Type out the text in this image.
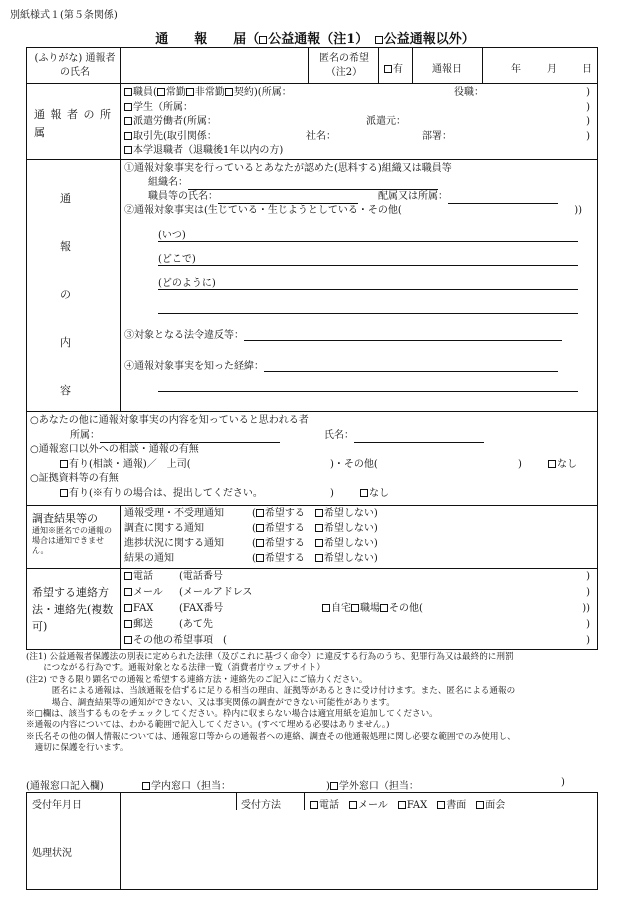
別紙様式１(第５条関係)
通　　報　　届（ 公益通報（注1）　 公益通報以外）
(ふりがな) 通報者の氏名
匿名の希望（注2）	有	通報日	年	月	日
通 報 者 の 所 属
職員( 常勤 非常勤 契約)(所属：	役職：	)
学生（所属：	)
派遣労働者(所属：	派遣元：	)
取引先(取引関係：	社名：	部署：	)
本学退職者（退職後1年以内の方)
通
報
の
内
容
①通報対象事実を行っているとあなたが認めた(思料する)組織又は職員等
組織名：
職員等の氏名：	配属又は所属：
②通報対象事実は(生じている・生じようとしている・その他(	))
(いつ)
(どこで)
(どのように)
③対象となる法令違反等：
④通報対象事実を知った経緯：
○あなたの他に通報対象事実の内容を知っていると思われる者
所属：	氏名：
○通報窓口以外への相談・通報の有無
有り(相談・通報)／　上司(	)・その他(	)	なし
○証拠資料等の有無
有り(※有りの場合は、提出してください。	)	なし
調査結果等の
通知※匿名での通報の場合は通知できません。
通報受理・不受理通知	( 希望する　 希望しない)
調査に関する通知　　	( 希望する　 希望しない)
進捗状況に関する通知	( 希望する　 希望しない)
結果の通知　　　　　	( 希望する　 希望しない)
希望する連絡方法・連絡先(複数可)
電話	(電話番号	)
メール (メールアドレス	)
FAX	(FAX番号	自宅 職場 その他(	))
郵送	(あて先	)
その他の希望事項　(	)
(注1) 公益通報者保護法の別表に定められた法律（及びこれに基づく命令）に違反する行為のうち、犯罪行為又は最終的に刑罰
　　につながる行為です。通報対象となる法律一覧（消費者庁ウェブサイト）
(注2) できる限り顕名での通報と希望する連絡方法・連絡先のご記入にご協力ください。
　　　匿名による通報は、当該通報を信ずるに足りる相当の理由、証拠等があるときに受け付けます。また、匿名による通報の
　　　場合、調査結果等の通知ができない、又は事実関係の調査ができない可能性があります。
※□欄は、該当するものをチェックしてください。枠内に収まらない場合は適宜用紙を追加してください。
※通報の内容については、わかる範囲で記入してください。(すべて埋める必要はありません。)
※氏名その他の個人情報については、通報窓口等からの通報者への連絡、調査その他通報処理に関し必要な範囲でのみ使用し、
　適切に保護を行います。
(通報窓口記入欄)	学内窓口（担当：	) 学外窓口（担当：	)
受付年月日	受付方法	電話　 メール　 FAX　 書面　 面会
処理状況
